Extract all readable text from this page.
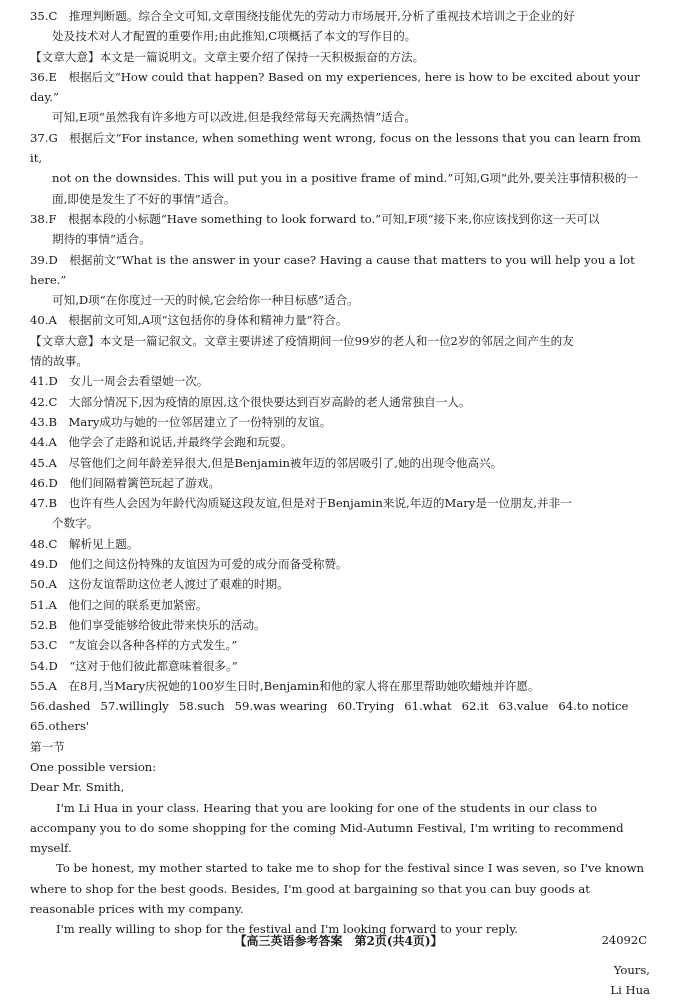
35.C　推理判断题。综合全文可知,文章围绕技能优先的劳动力市场展开,分析了重视技术培训之于企业的好

处及技术对人才配置的重要作用;由此推知,C项概括了本文的写作目的。

【文章大意】本文是一篇说明文。文章主要介绍了保持一天积极振奋的方法。

36.E　根据后文“How could that happen? Based on my experiences, here is how to be excited about your day.”

可知,E项“虽然我有许多地方可以改进,但是我经常每天充满热情”适合。

37.G　根据后文“For instance, when something went wrong, focus on the lessons that you can learn from it,

not on the downsides. This will put you in a positive frame of mind.”可知,G项“此外,要关注事情积极的一

面,即使是发生了不好的事情”适合。

38.F　根据本段的小标题“Have something to look forward to.”可知,F项“接下来,你应该找到你这一天可以

期待的事情”适合。

39.D　根据前文“What is the answer in your case? Having a cause that matters to you will help you a lot here.”

可知,D项“在你度过一天的时候,它会给你一种目标感”适合。

40.A　根据前文可知,A项“这包括你的身体和精神力量”符合。

【文章大意】本文是一篇记叙文。文章主要讲述了疫情期间一位99岁的老人和一位2岁的邻居之间产生的友

情的故事。

41.D　女儿一周会去看望她一次。

42.C　大部分情况下,因为疫情的原因,这个很快要达到百岁高龄的老人通常独自一人。

43.B　Mary成功与她的一位邻居建立了一份特别的友谊。

44.A　他学会了走路和说话,并最终学会跑和玩耍。

45.A　尽管他们之间年龄差异很大,但是Benjamin被年迈的邻居吸引了,她的出现令他高兴。

46.D　他们间隔着篱笆玩起了游戏。

47.B　也许有些人会因为年龄代沟质疑这段友谊,但是对于Benjamin来说,年迈的Mary是一位朋友,并非一

个数字。

48.C　解析见上题。

49.D　他们之间这份特殊的友谊因为可爱的成分而备受称赞。

50.A　这份友谊帮助这位老人渡过了艰难的时期。

51.A　他们之间的联系更加紧密。

52.B　他们享受能够给彼此带来快乐的活动。

53.C　“友谊会以各种各样的方式发生。”

54.D　“这对于他们彼此都意味着很多。”

55.A　在8月,当Mary庆祝她的100岁生日时,Benjamin和他的家人将在那里帮助她吹蜡烛并许愿。

56.dashed 57.willingly 58.such 59.was wearing 60.Trying 61.what 62.it 63.value 64.to notice

65.others'

第一节

One possible version:

Dear Mr. Smith,

I'm Li Hua in your class. Hearing that you are looking for one of the students in our class to accompany you to do some shopping for the coming Mid-Autumn Festival, I'm writing to recommend myself.

To be honest, my mother started to take me to shop for the festival since I was seven, so I've known where to shop for the best goods. Besides, I'm good at bargaining so that you can buy goods at reasonable prices with my company.

I'm really willing to shop for the festival and I'm looking forward to your reply.

Yours,

Li Hua

【高三英语参考答案　第2页(共4页)】	24092C
